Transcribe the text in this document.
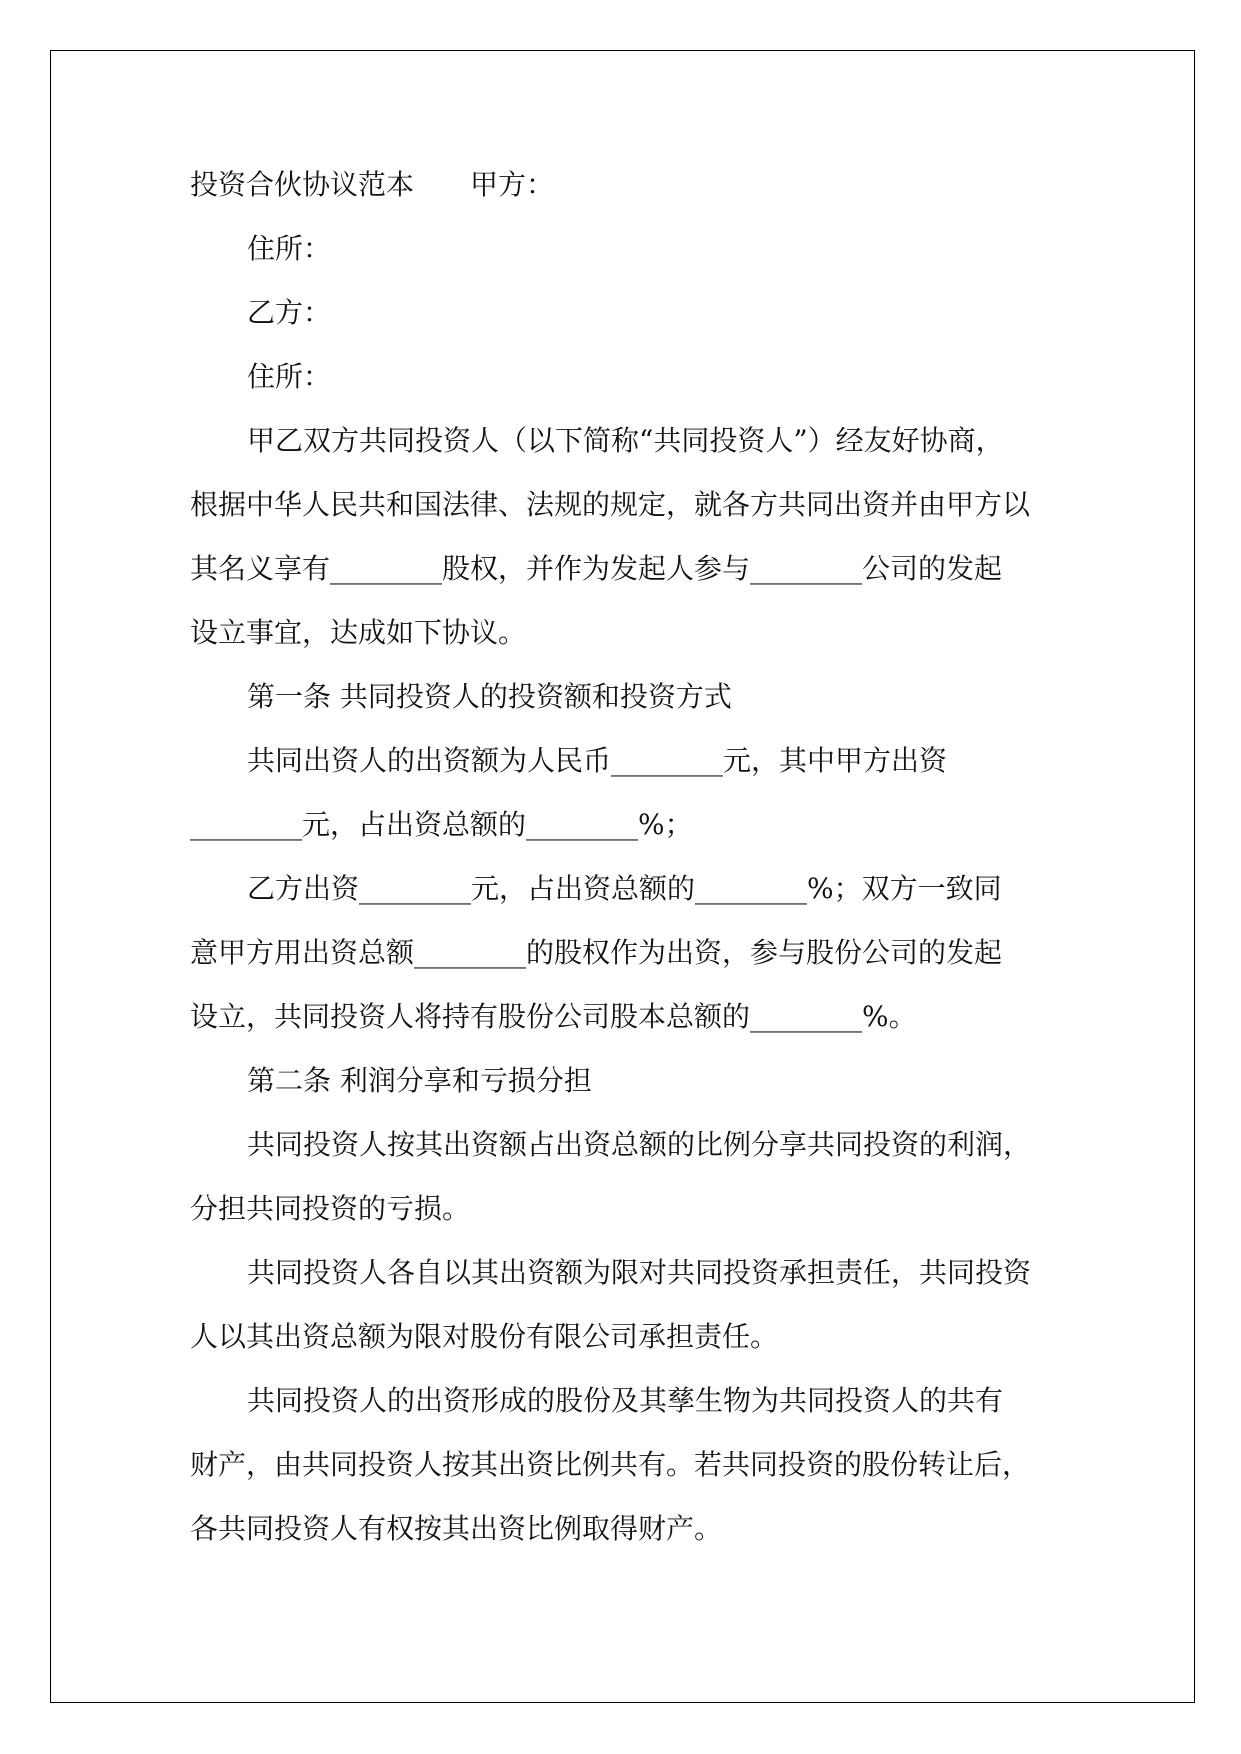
投资合伙协议范本　　甲方：
住所：
乙方：
住所：
甲乙双方共同投资人（以下简称“共同投资人”）经友好协商，
根据中华人民共和国法律、法规的规定，就各方共同出资并由甲方以
其名义享有________股权，并作为发起人参与________公司的发起
设立事宜，达成如下协议。
第一条 共同投资人的投资额和投资方式
共同出资人的出资额为人民币________元，其中甲方出资
________元，占出资总额的________%；
乙方出资________元，占出资总额的________%；双方一致同
意甲方用出资总额________的股权作为出资，参与股份公司的发起
设立，共同投资人将持有股份公司股本总额的________%。
第二条 利润分享和亏损分担
共同投资人按其出资额占出资总额的比例分享共同投资的利润，
分担共同投资的亏损。
共同投资人各自以其出资额为限对共同投资承担责任，共同投资
人以其出资总额为限对股份有限公司承担责任。
共同投资人的出资形成的股份及其孳生物为共同投资人的共有
财产，由共同投资人按其出资比例共有。若共同投资的股份转让后，
各共同投资人有权按其出资比例取得财产。
